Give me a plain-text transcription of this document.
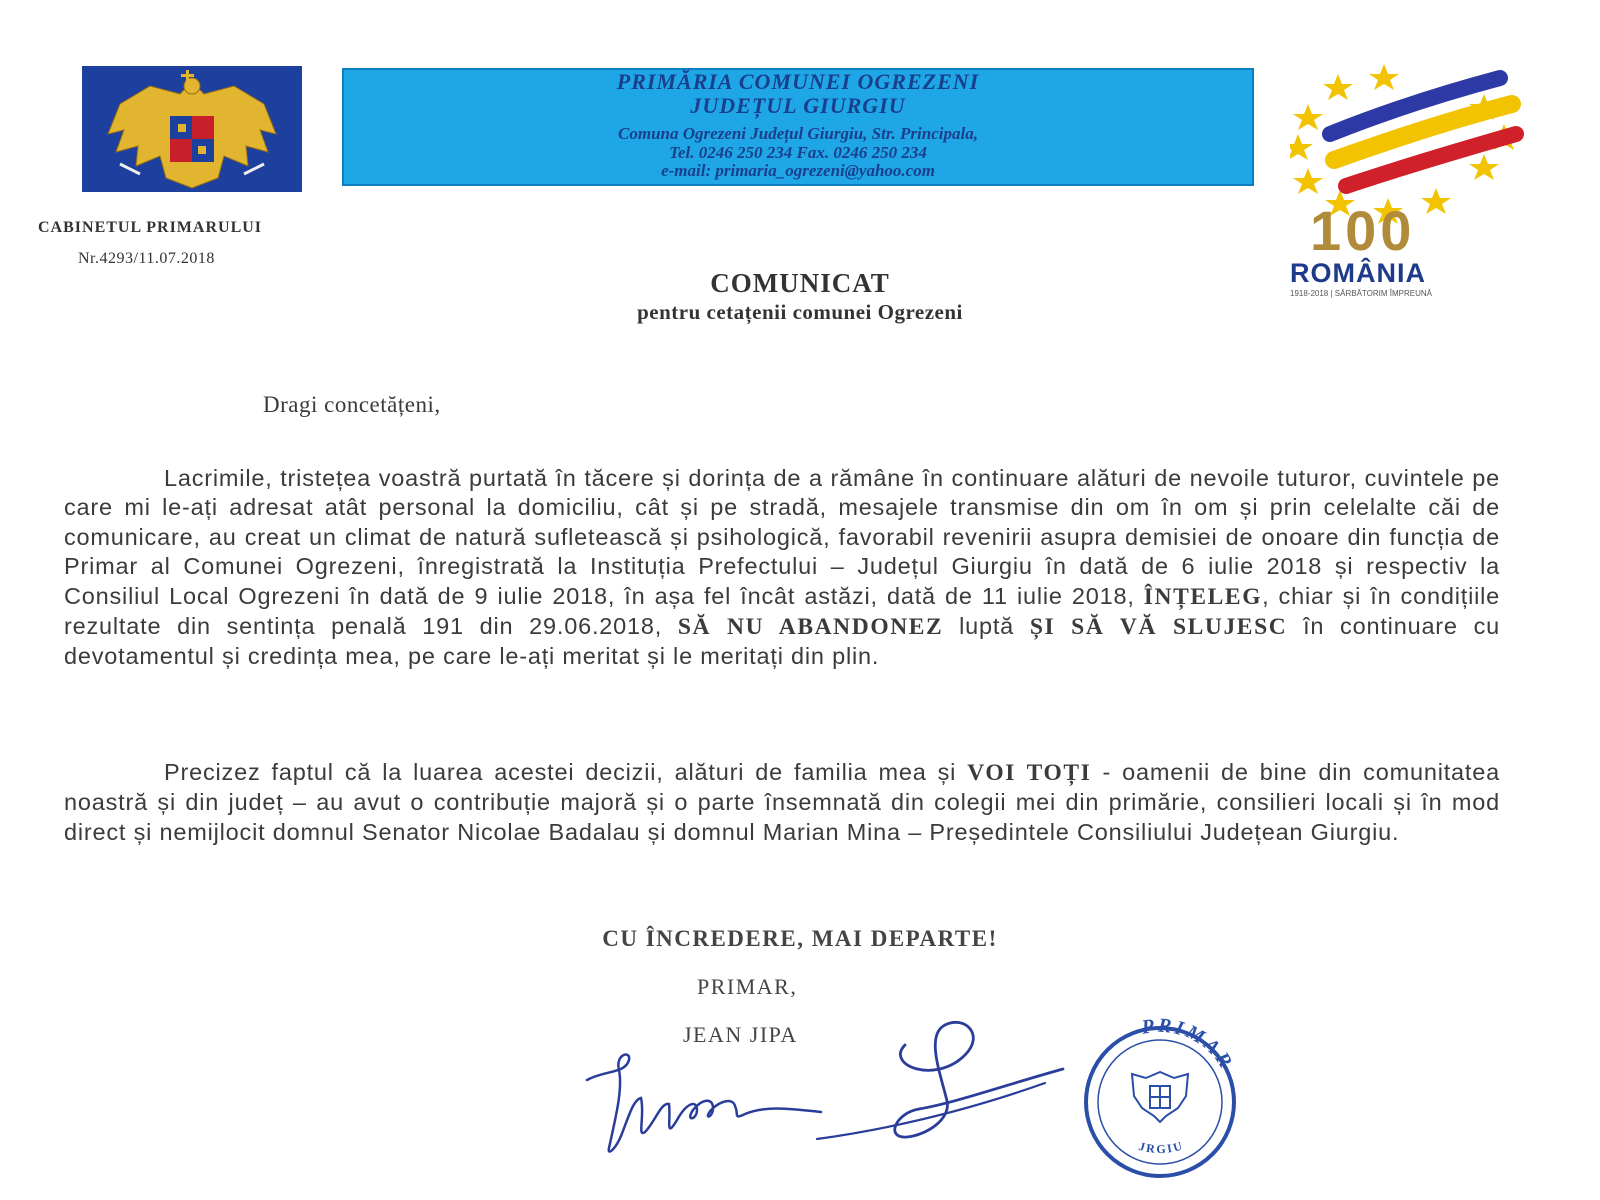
PRIMĂRIA COMUNEI OGREZENI
JUDEȚUL GIURGIU
Comuna Ogrezeni Județul Giurgiu, Str. Principala,
Tel. 0246 250 234 Fax. 0246 250 234
e-mail: primaria_ogrezeni@yahoo.com
100
ROMÂNIA
1918-2018 | SĂRBĂTORIM ÎMPREUNĂ
CABINETUL PRIMARULUI
Nr.4293/11.07.2018
COMUNICAT
pentru cetațenii comunei Ogrezeni
Dragi concetățeni,
Lacrimile, tristețea voastră purtată în tăcere și dorința de a rămâne în continuare alături de nevoile tuturor, cuvintele pe care mi le-ați adresat atât personal la domiciliu, cât și pe stradă, mesajele transmise din om în om și prin celelalte căi de comunicare, au creat un climat de natură sufletească și psihologică, favorabil revenirii asupra demisiei de onoare din funcția de Primar al Comunei Ogrezeni, înregistrată la Instituția Prefectului – Județul Giurgiu în dată de 6 iulie 2018 și respectiv la Consiliul Local Ogrezeni în dată de 9 iulie 2018, în așa fel încât astăzi, dată de 11 iulie 2018, ÎNȚELEG, chiar și în condițiile rezultate din sentința penală 191 din 29.06.2018, SĂ NU ABANDONEZ luptă ȘI SĂ VĂ SLUJESC în continuare cu devotamentul și credința mea, pe care le-ați meritat și le meritați din plin.
Precizez faptul că la luarea acestei decizii, alături de familia mea și VOI TOȚI - oamenii de bine din comunitatea noastră și din județ – au avut o contribuție majoră și o parte însemnată din colegii mei din primărie, consilieri locali și în mod direct și nemijlocit domnul Senator Nicolae Badalau și domnul Marian Mina – Președintele Consiliului Județean Giurgiu.
CU ÎNCREDERE, MAI DEPARTE!
PRIMAR,
JEAN JIPA	PRIMAR
JRGIU
